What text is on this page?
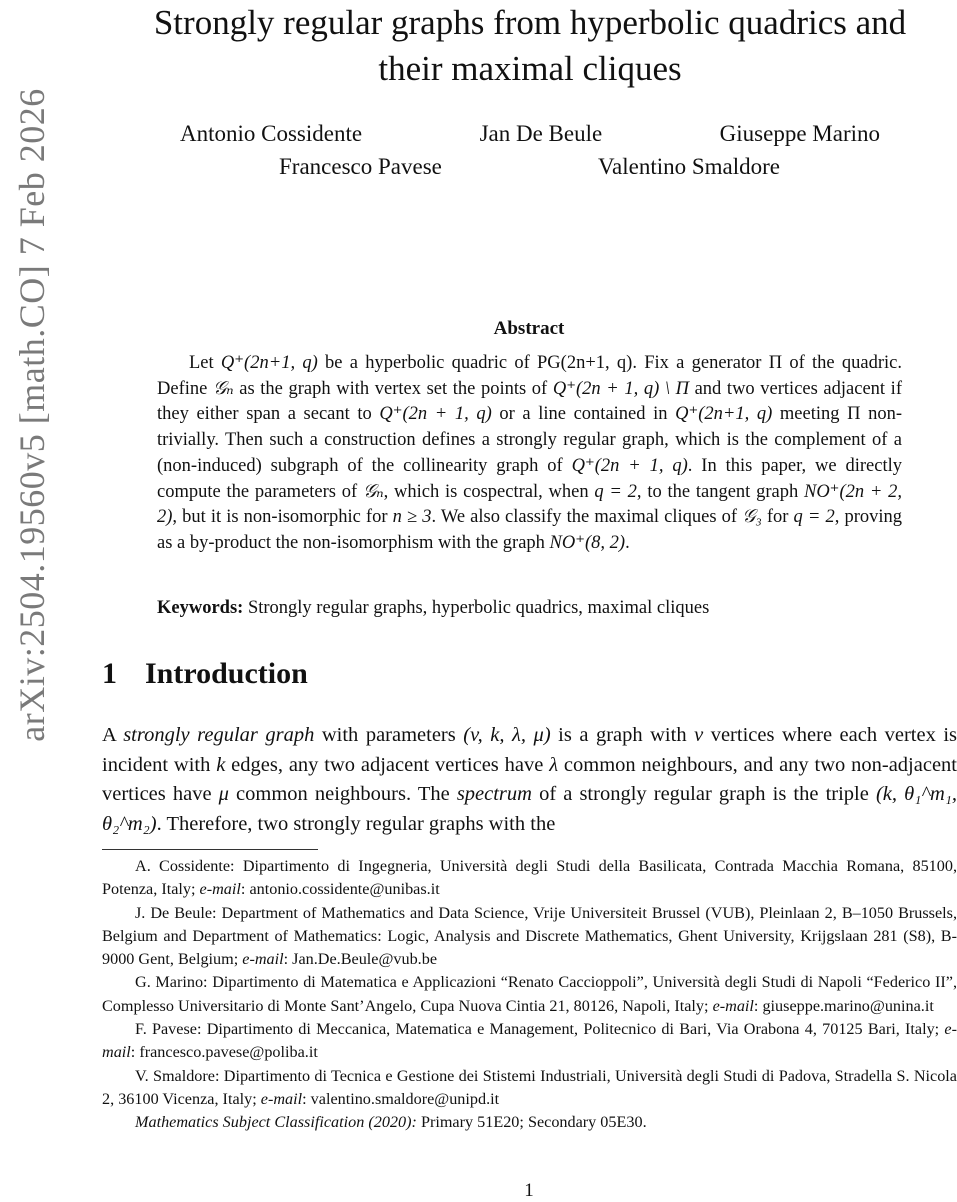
arXiv:2504.19560v5 [math.CO] 7 Feb 2026
Strongly regular graphs from hyperbolic quadrics and
their maximal cliques
Antonio Cossidente	Jan De Beule	Giuseppe Marino
Francesco Pavese	Valentino Smaldore
Abstract

Let Q⁺(2n+1, q) be a hyperbolic quadric of PG(2n+1, q). Fix a generator Π of the quadric. Define 𝒢ₙ as the graph with vertex set the points of Q⁺(2n + 1, q) \ Π and two vertices adjacent if they either span a secant to Q⁺(2n + 1, q) or a line contained in Q⁺(2n+1, q) meeting Π non-trivially. Then such a construction defines a strongly regular graph, which is the complement of a (non-induced) subgraph of the collinearity graph of Q⁺(2n + 1, q). In this paper, we directly compute the parameters of 𝒢ₙ, which is cospectral, when q = 2, to the tangent graph NO⁺(2n + 2, 2), but it is non-isomorphic for n ≥ 3. We also classify the maximal cliques of 𝒢₃ for q = 2, proving as a by-product the non-isomorphism with the graph NO⁺(8, 2).

Keywords: Strongly regular graphs, hyperbolic quadrics, maximal cliques

1 Introduction

A strongly regular graph with parameters (v, k, λ, μ) is a graph with v vertices where each vertex is incident with k edges, any two adjacent vertices have λ common neighbours, and any two non-adjacent vertices have μ common neighbours. The spectrum of a strongly regular graph is the triple (k, θ₁^m₁, θ₂^m₂). Therefore, two strongly regular graphs with the

A. Cossidente: Dipartimento di Ingegneria, Università degli Studi della Basilicata, Contrada Macchia Romana, 85100, Potenza, Italy; e-mail: antonio.cossidente@unibas.it

J. De Beule: Department of Mathematics and Data Science, Vrije Universiteit Brussel (VUB), Pleinlaan 2, B–1050 Brussels, Belgium and Department of Mathematics: Logic, Analysis and Discrete Mathematics, Ghent University, Krijgslaan 281 (S8), B-9000 Gent, Belgium; e-mail: Jan.De.Beule@vub.be

G. Marino: Dipartimento di Matematica e Applicazioni “Renato Caccioppoli”, Università degli Studi di Napoli “Federico II”, Complesso Universitario di Monte Sant’Angelo, Cupa Nuova Cintia 21, 80126, Napoli, Italy; e-mail: giuseppe.marino@unina.it

F. Pavese: Dipartimento di Meccanica, Matematica e Management, Politecnico di Bari, Via Orabona 4, 70125 Bari, Italy; e-mail: francesco.pavese@poliba.it

V. Smaldore: Dipartimento di Tecnica e Gestione dei Stistemi Industriali, Università degli Studi di Padova, Stradella S. Nicola 2, 36100 Vicenza, Italy; e-mail: valentino.smaldore@unipd.it

Mathematics Subject Classification (2020): Primary 51E20; Secondary 05E30.

1
